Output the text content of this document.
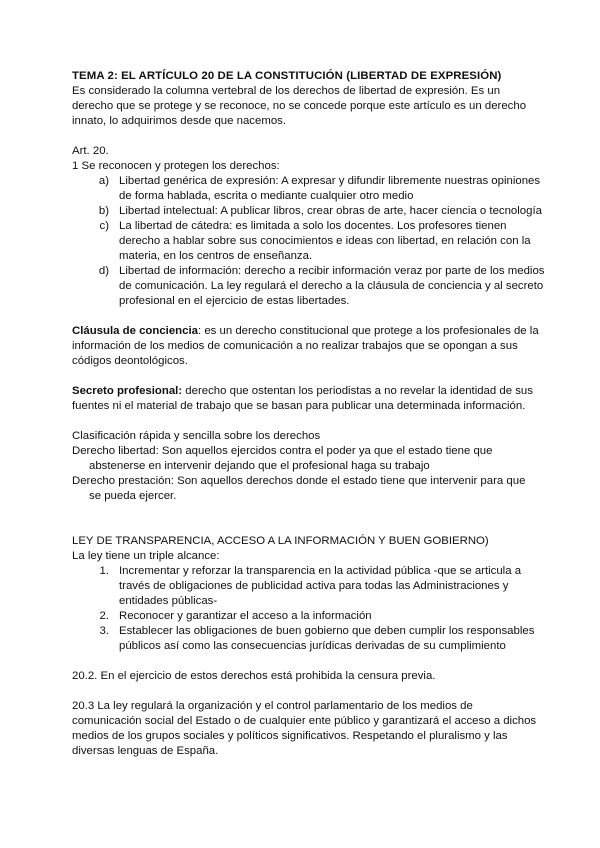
TEMA 2: EL ARTÍCULO 20 DE LA CONSTITUCIÓN (LIBERTAD DE EXPRESIÓN)

Es considerado la columna vertebral de los derechos de libertad de expresión. Es un

derecho que se protege y se reconoce, no se concede porque este artículo es un derecho

innato, lo adquirimos desde que nacemos.

Art. 20.

1 Se reconocen y protegen los derechos:

a) Libertad genérica de expresión: A expresar y difundir libremente nuestras opiniones

de forma hablada, escrita o mediante cualquier otro medio

b) Libertad intelectual: A publicar libros, crear obras de arte, hacer ciencia o tecnología

c) La libertad de cátedra: es limitada a solo los docentes. Los profesores tienen

derecho a hablar sobre sus conocimientos e ideas con libertad, en relación con la

materia, en los centros de enseñanza.

d) Libertad de información: derecho a recibir información veraz por parte de los medios

de comunicación. La ley regulará el derecho a la cláusula de conciencia y al secreto

profesional en el ejercicio de estas libertades.

Cláusula de conciencia: es un derecho constitucional que protege a los profesionales de la

información de los medios de comunicación a no realizar trabajos que se opongan a sus

códigos deontológicos.

Secreto profesional: derecho que ostentan los periodistas a no revelar la identidad de sus

fuentes ni el material de trabajo que se basan para publicar una determinada información.

Clasificación rápida y sencilla sobre los derechos

Derecho libertad: Son aquellos ejercidos contra el poder ya que el estado tiene que

abstenerse en intervenir dejando que el profesional haga su trabajo

Derecho prestación: Son aquellos derechos donde el estado tiene que intervenir para que

se pueda ejercer.

LEY DE TRANSPARENCIA, ACCESO A LA INFORMACIÓN Y BUEN GOBIERNO)

La ley tiene un triple alcance:

1. Incrementar y reforzar la transparencia en la actividad pública -que se articula a

través de obligaciones de publicidad activa para todas las Administraciones y

entidades públicas-

2. Reconocer y garantizar el acceso a la información

3. Establecer las obligaciones de buen gobierno que deben cumplir los responsables

públicos así como las consecuencias jurídicas derivadas de su cumplimiento

20.2. En el ejercicio de estos derechos está prohibida la censura previa.

20.3 La ley regulará la organización y el control parlamentario de los medios de

comunicación social del Estado o de cualquier ente público y garantizará el acceso a dichos

medios de los grupos sociales y políticos significativos. Respetando el pluralismo y las

diversas lenguas de España.
